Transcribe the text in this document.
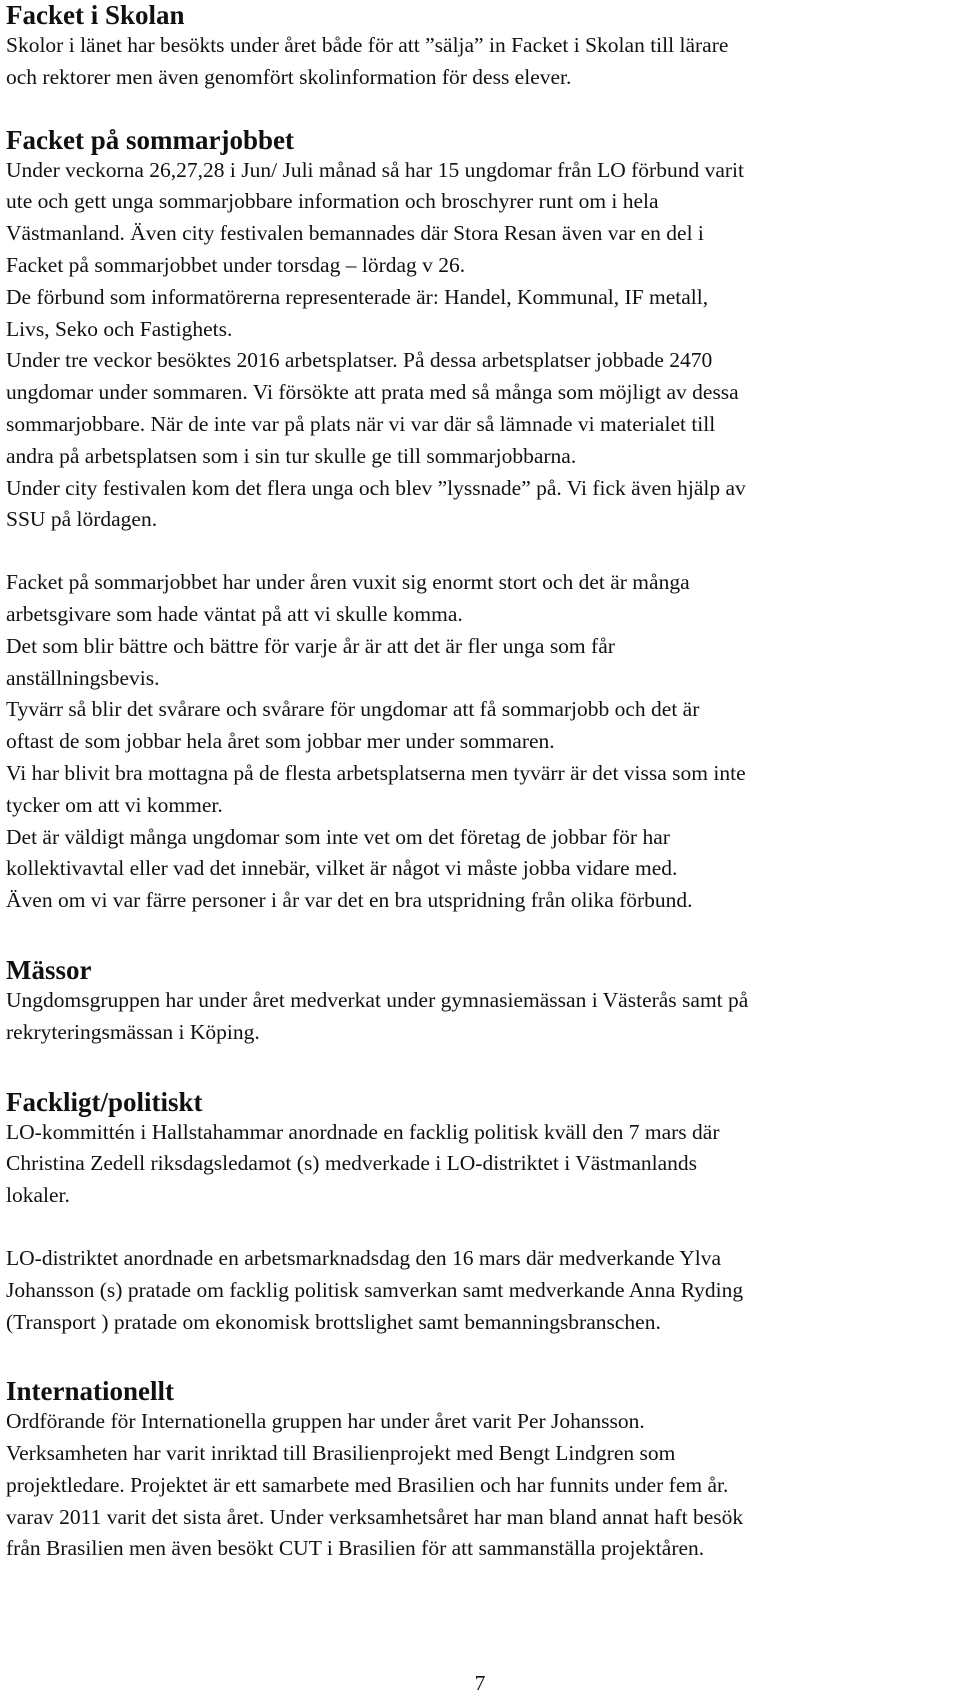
Facket i Skolan

Skolor i länet har besökts under året både för att ”sälja” in Facket i Skolan till lärare

och rektorer men även genomfört skolinformation för dess elever.

Facket på sommarjobbet

Under veckorna 26,27,28 i Jun/ Juli månad så har 15 ungdomar från LO förbund varit

ute och gett unga sommarjobbare information och broschyrer runt om i hela

Västmanland. Även city festivalen bemannades där Stora Resan även var en del i

Facket på sommarjobbet under torsdag – lördag v 26.

De förbund som informatörerna representerade är: Handel, Kommunal, IF metall,

Livs, Seko och Fastighets.

Under tre veckor besöktes 2016 arbetsplatser. På dessa arbetsplatser jobbade 2470

ungdomar under sommaren. Vi försökte att prata med så många som möjligt av dessa

sommarjobbare. När de inte var på plats när vi var där så lämnade vi materialet till

andra på arbetsplatsen som i sin tur skulle ge till sommarjobbarna.

Under city festivalen kom det flera unga och blev ”lyssnade” på. Vi fick även hjälp av

SSU på lördagen.

Facket på sommarjobbet har under åren vuxit sig enormt stort och det är många

arbetsgivare som hade väntat på att vi skulle komma.

Det som blir bättre och bättre för varje år är att det är fler unga som får

anställningsbevis.

Tyvärr så blir det svårare och svårare för ungdomar att få sommarjobb och det är

oftast de som jobbar hela året som jobbar mer under sommaren.

Vi har blivit bra mottagna på de flesta arbetsplatserna men tyvärr är det vissa som inte

tycker om att vi kommer.

Det är väldigt många ungdomar som inte vet om det företag de jobbar för har

kollektivavtal eller vad det innebär, vilket är något vi måste jobba vidare med.

Även om vi var färre personer i år var det en bra utspridning från olika förbund.

Mässor

Ungdomsgruppen har under året medverkat under gymnasiemässan i Västerås samt på

rekryteringsmässan i Köping.

Fackligt/politiskt

LO-kommittén i Hallstahammar anordnade en facklig politisk kväll den 7 mars där

Christina Zedell riksdagsledamot (s) medverkade i LO-distriktet i Västmanlands

lokaler.

LO-distriktet anordnade en arbetsmarknadsdag den 16 mars där medverkande Ylva

Johansson (s) pratade om facklig politisk samverkan samt medverkande Anna Ryding

(Transport ) pratade om ekonomisk brottslighet samt bemanningsbranschen.

Internationellt

Ordförande för Internationella gruppen har under året varit Per Johansson.

Verksamheten har varit inriktad till Brasilienprojekt med Bengt Lindgren som

projektledare. Projektet är ett samarbete med Brasilien och har funnits under fem år.

varav 2011 varit det sista året. Under verksamhetsåret har man bland annat haft besök

från Brasilien men även besökt CUT i Brasilien för att sammanställa projektåren.

7
